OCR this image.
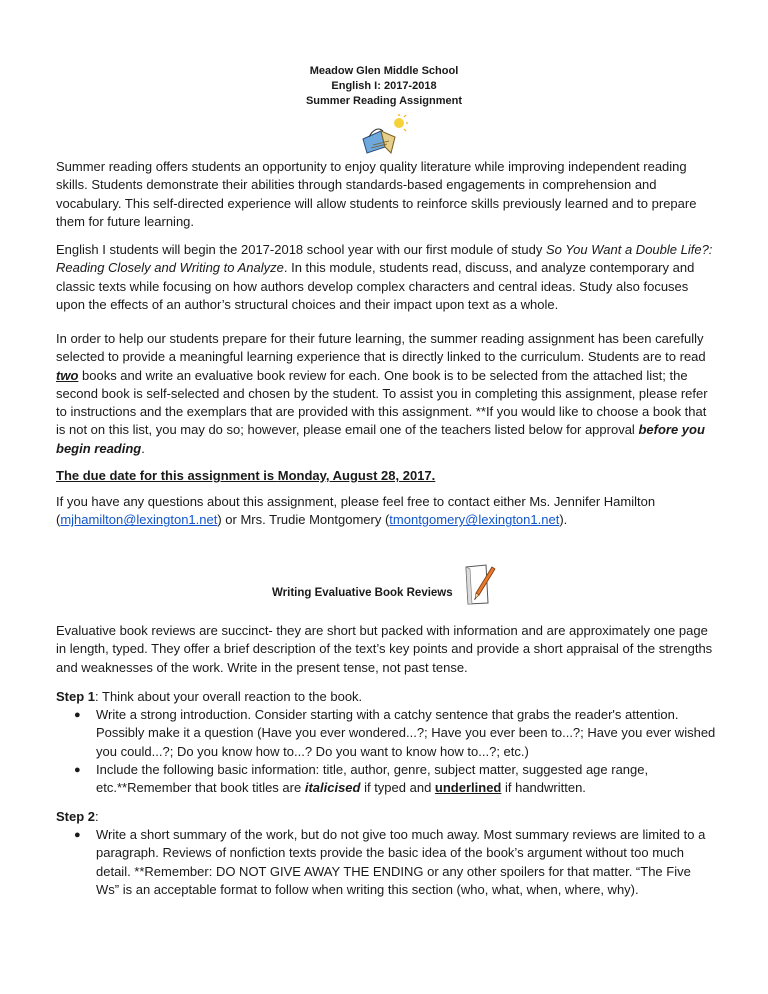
Meadow Glen Middle School
English I: 2017-2018
Summer Reading Assignment

Summer reading offers students an opportunity to enjoy quality literature while improving independent reading skills. Students demonstrate their abilities through standards-based engagements in comprehension and vocabulary. This self-directed experience will allow students to reinforce skills previously learned and to prepare them for future learning.

English I students will begin the 2017-2018 school year with our first module of study So You Want a Double Life?: Reading Closely and Writing to Analyze. In this module, students read, discuss, and analyze contemporary and classic texts while focusing on how authors develop complex characters and central ideas. Study also focuses upon the effects of an author’s structural choices and their impact upon text as a whole.

In order to help our students prepare for their future learning, the summer reading assignment has been carefully selected to provide a meaningful learning experience that is directly linked to the curriculum. Students are to read two books and write an evaluative book review for each. One book is to be selected from the attached list; the second book is self-selected and chosen by the student. To assist you in completing this assignment, please refer to instructions and the exemplars that are provided with this assignment. **If you would like to choose a book that is not on this list, you may do so; however, please email one of the teachers listed below for approval before you begin reading.

The due date for this assignment is Monday, August 28, 2017.

If you have any questions about this assignment, please feel free to contact either Ms. Jennifer Hamilton (mjhamilton@lexington1.net) or Mrs. Trudie Montgomery (tmontgomery@lexington1.net).

Writing Evaluative Book Reviews

Evaluative book reviews are succinct- they are short but packed with information and are approximately one page in length, typed. They offer a brief description of the text’s key points and provide a short appraisal of the strengths and weaknesses of the work. Write in the present tense, not past tense.

Step 1: Think about your overall reaction to the book.

● Write a strong introduction. Consider starting with a catchy sentence that grabs the reader's attention. Possibly make it a question (Have you ever wondered...?; Have you ever been to...?; Have you ever wished you could...?; Do you know how to...? Do you want to know how to...?; etc.)

● Include the following basic information: title, author, genre, subject matter, suggested age range, etc.**Remember that book titles are italicised if typed and underlined if handwritten.

Step 2:

● Write a short summary of the work, but do not give too much away. Most summary reviews are limited to a paragraph. Reviews of nonfiction texts provide the basic idea of the book’s argument without too much detail. **Remember: DO NOT GIVE AWAY THE ENDING or any other spoilers for that matter. “The Five Ws” is an acceptable format to follow when writing this section (who, what, when, where, why).
